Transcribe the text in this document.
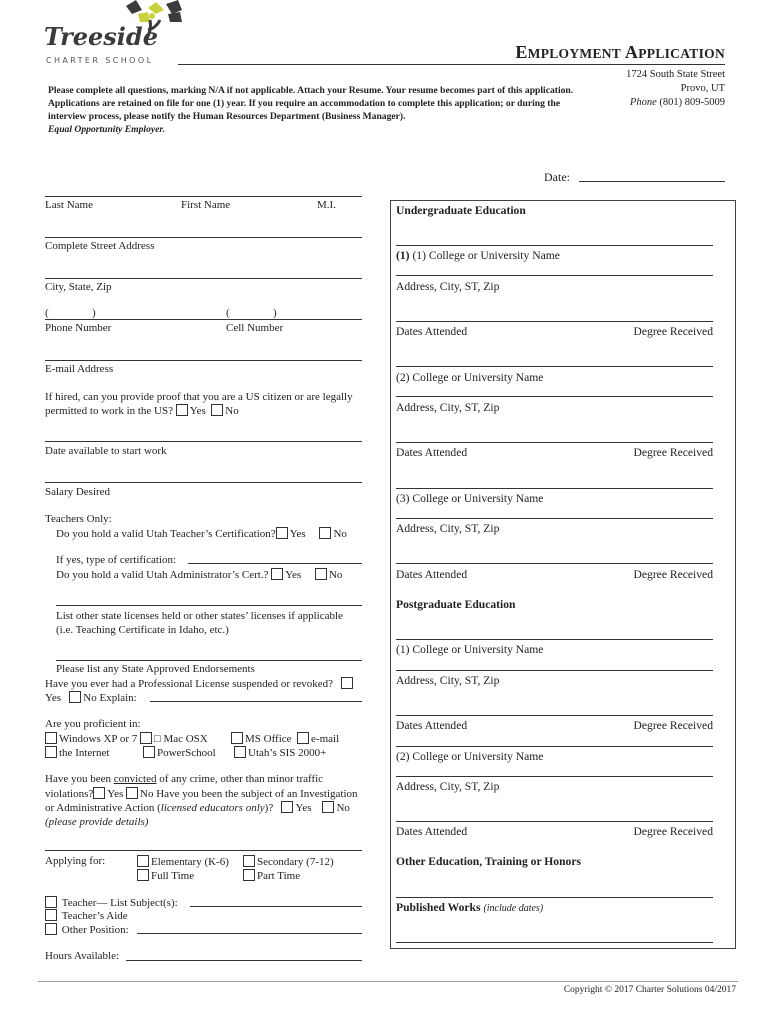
Treeside
CHARTER SCHOOL	EMPLOYMENT APPLICATION
1724 South State Street
Provo, UT
Phone (801) 809-5009
Please complete all questions, marking N/A if not applicable. Attach your Resume. Your resume becomes part of this application. Applications are retained on file for one (1) year. If you require an accommodation to complete this application; or during the interview process, please notify the Human Resources Department (Business Manager).
Equal Opportunity Employer.
Date:
Last Name	First Name	M.I.
Complete Street Address
City, State, Zip
(	)	(	)
Phone Number	Cell Number
E-mail Address
If hired, can you provide proof that you are a US citizen or are legally
permitted to work in the US? Yes No
Date available to start work
Salary Desired
Teachers Only:
Do you hold a valid Utah Teacher’s Certification? Yes	No
If yes, type of certification:
Do you hold a valid Utah Administrator’s Cert.? Yes	No
List other state licenses held or other states’ licenses if applicable
(i.e. Teaching Certificate in Idaho, etc.)
Please list any State Approved Endorsements
Have you ever had a Professional License suspended or revoked?
Yes No Explain:
Are you proficient in:
Windows XP or 7 □ Mac OSX	MS Office e-mail
the Internet	PowerSchool	Utah’s SIS 2000+
Have you been convicted of any crime, other than minor traffic
violations? Yes No Have you been the subject of an Investigation
or Administrative Action (licensed educators only)? Yes No
(please provide details)
Applying for:	Elementary (K-6)	Secondary (7-12)
Full Time	Part Time
Teacher— List Subject(s):
Teacher’s Aide
Other Position:
Hours Available:
Undergraduate Education
(1) (1) College or University Name
Address, City, ST, Zip
Dates Attended	Degree Received
(2) College or University Name
Address, City, ST, Zip
Dates Attended	Degree Received
(3) College or University Name
Address, City, ST, Zip
Dates Attended	Degree Received
Postgraduate Education
(1) College or University Name
Address, City, ST, Zip
Dates Attended	Degree Received
(2) College or University Name
Address, City, ST, Zip
Dates Attended	Degree Received
Other Education, Training or Honors
Published Works (include dates)
Copyright © 2017 Charter Solutions 04/2017
